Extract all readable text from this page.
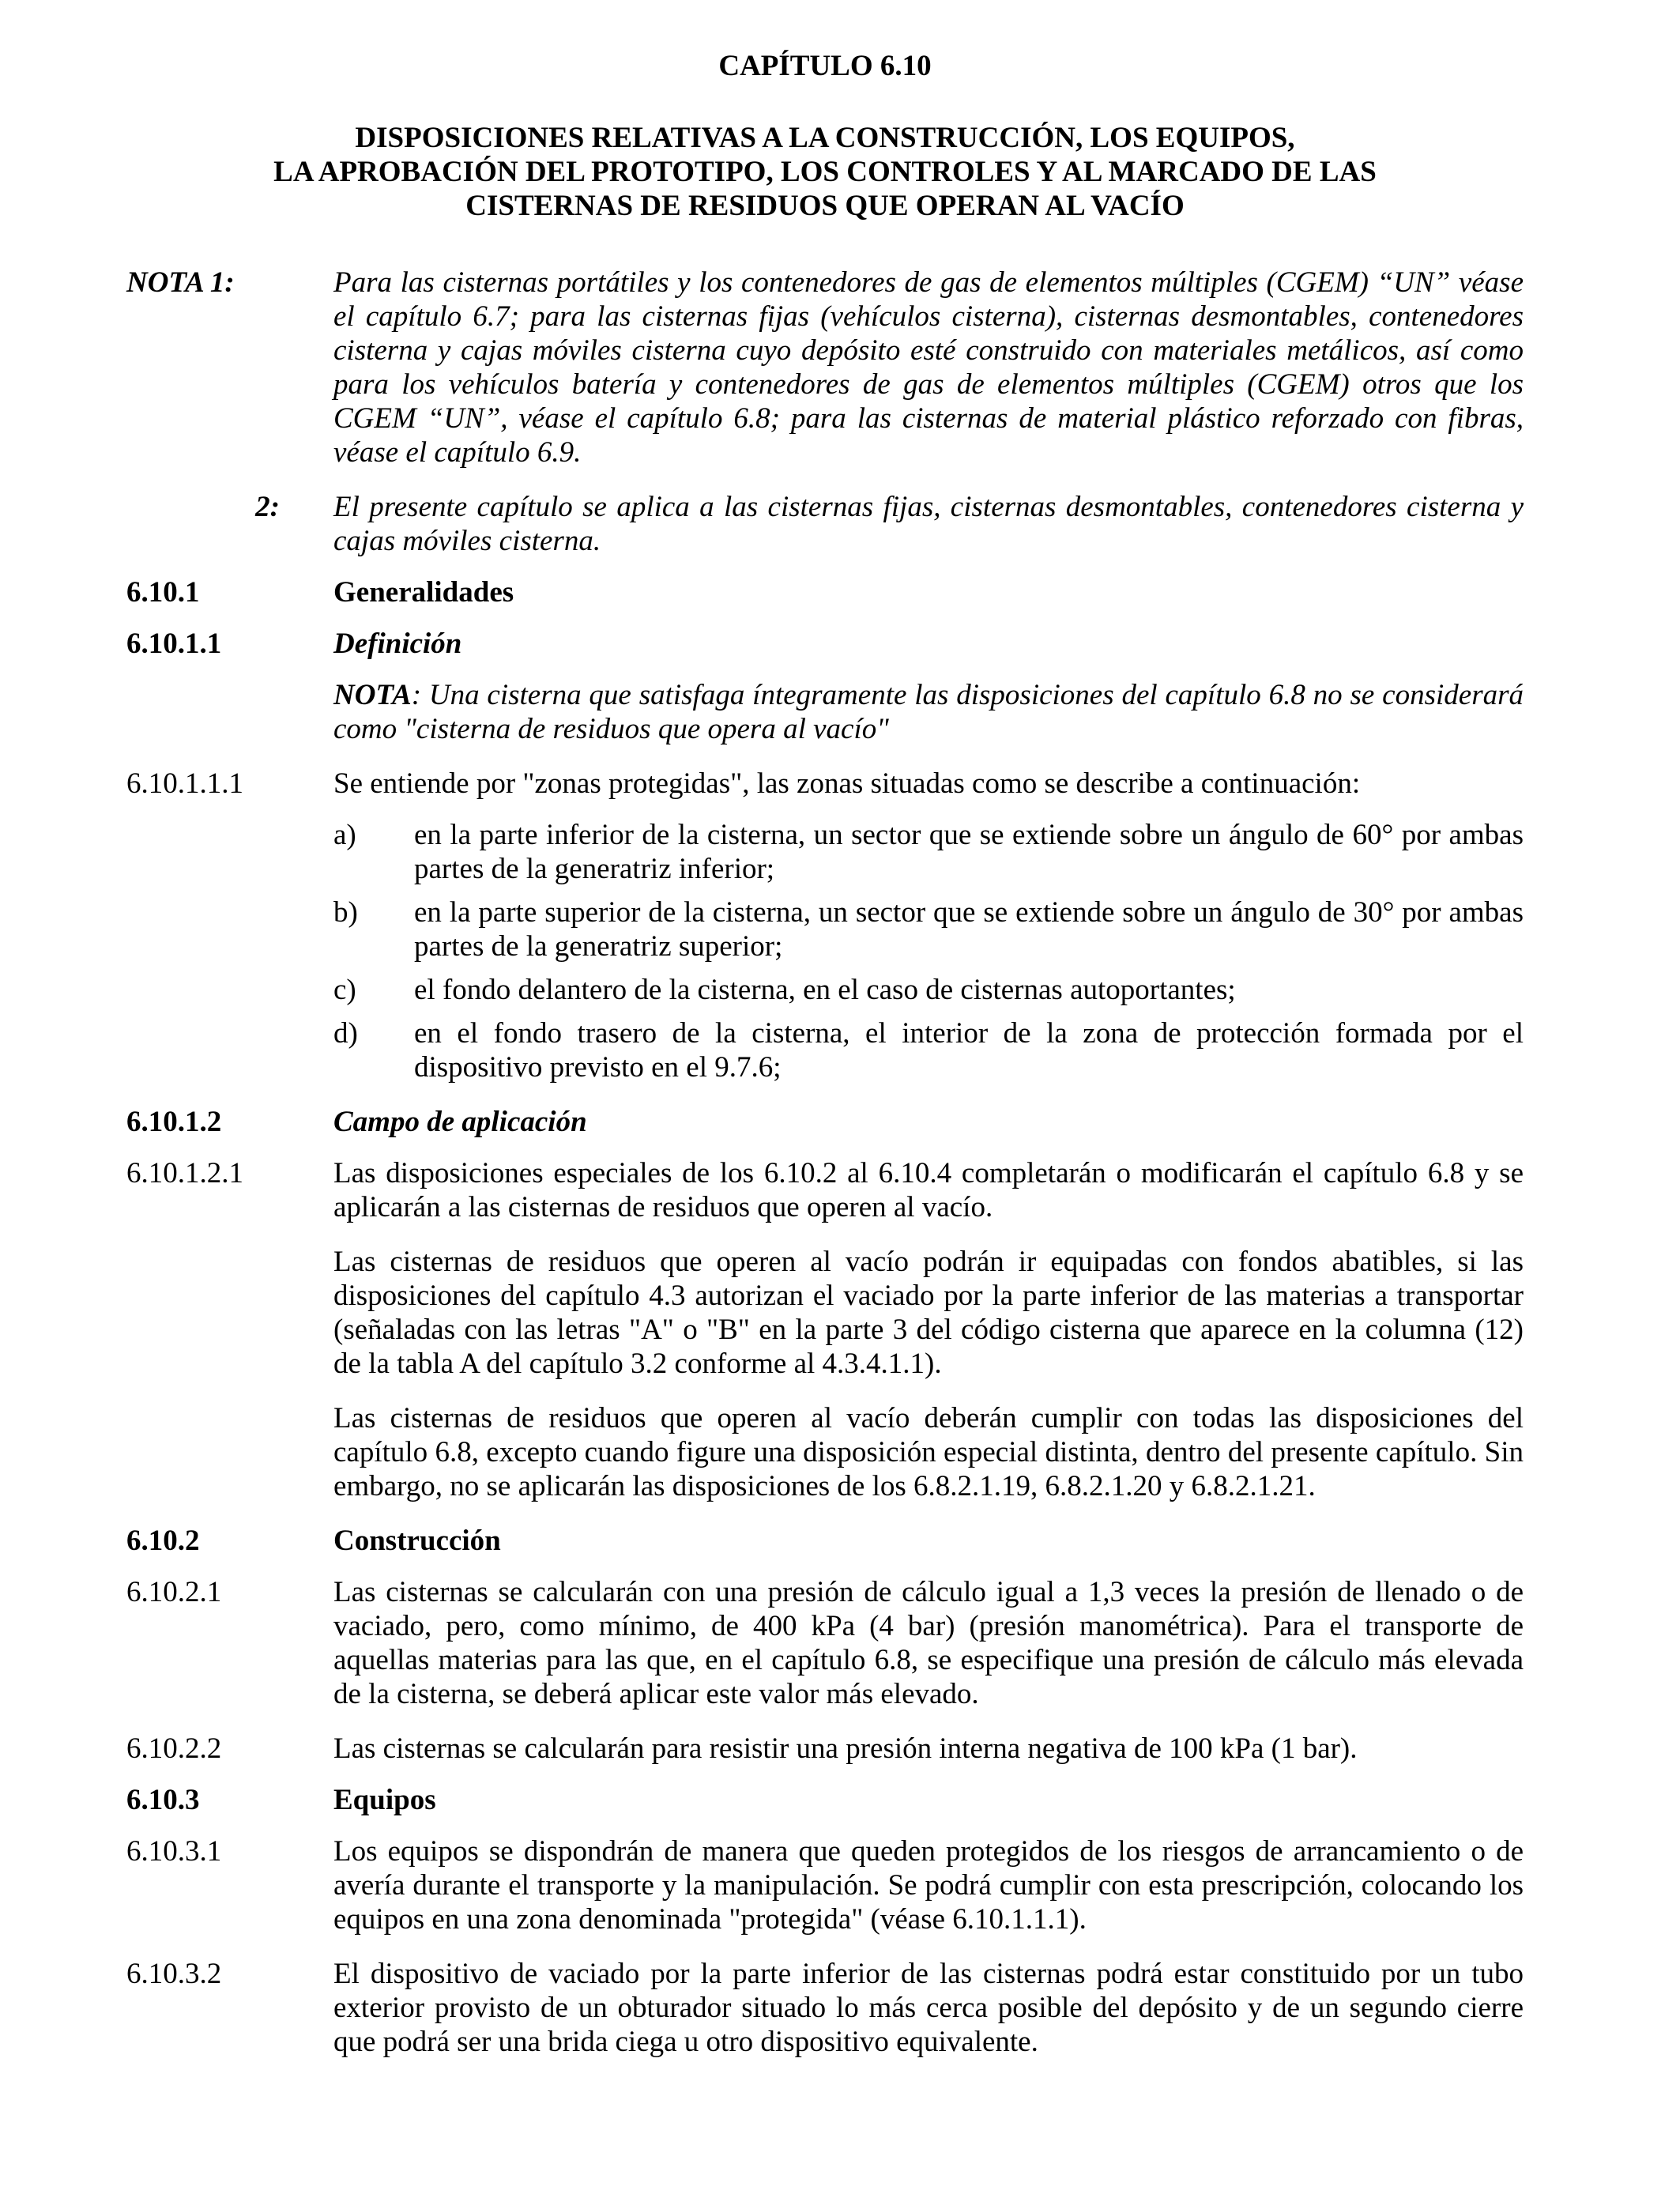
CAPÍTULO 6.10
DISPOSICIONES RELATIVAS A LA CONSTRUCCIÓN, LOS EQUIPOS,
LA APROBACIÓN DEL PROTOTIPO, LOS CONTROLES Y AL MARCADO DE LAS
CISTERNAS DE RESIDUOS QUE OPERAN AL VACÍO
NOTA 1:	Para las cisternas portátiles y los contenedores de gas de elementos múltiples (CGEM) “UN” véase el capítulo 6.7; para las cisternas fijas (vehículos cisterna), cisternas desmontables, contenedores cisterna y cajas móviles cisterna cuyo depósito esté construido con materiales metálicos, así como para los vehículos batería y contenedores de gas de elementos múltiples (CGEM) otros que los CGEM “UN”, véase el capítulo 6.8; para las cisternas de material plástico reforzado con fibras, véase el capítulo 6.9.
2:	El presente capítulo se aplica a las cisternas fijas, cisternas desmontables, contenedores cisterna y cajas móviles cisterna.
6.10.1	Generalidades
6.10.1.1	Definición
NOTA: Una cisterna que satisfaga íntegramente las disposiciones del capítulo 6.8 no se considerará como "cisterna de residuos que opera al vacío"
6.10.1.1.1	Se entiende por "zonas protegidas", las zonas situadas como se describe a continuación:
a)	en la parte inferior de la cisterna, un sector que se extiende sobre un ángulo de 60° por ambas partes de la generatriz inferior;
b)	en la parte superior de la cisterna, un sector que se extiende sobre un ángulo de 30° por ambas partes de la generatriz superior;
c)	el fondo delantero de la cisterna, en el caso de cisternas autoportantes;
d)	en el fondo trasero de la cisterna, el interior de la zona de protección formada por el dispositivo previsto en el 9.7.6;
6.10.1.2	Campo de aplicación
6.10.1.2.1	Las disposiciones especiales de los 6.10.2 al 6.10.4 completarán o modificarán el capítulo 6.8 y se aplicarán a las cisternas de residuos que operen al vacío.
Las cisternas de residuos que operen al vacío podrán ir equipadas con fondos abatibles, si las disposiciones del capítulo 4.3 autorizan el vaciado por la parte inferior de las materias a transportar (señaladas con las letras "A" o "B" en la parte 3 del código cisterna que aparece en la columna (12) de la tabla A del capítulo 3.2 conforme al 4.3.4.1.1).
Las cisternas de residuos que operen al vacío deberán cumplir con todas las disposiciones del capítulo 6.8, excepto cuando figure una disposición especial distinta, dentro del presente capítulo. Sin embargo, no se aplicarán las disposiciones de los 6.8.2.1.19, 6.8.2.1.20 y 6.8.2.1.21.
6.10.2	Construcción
6.10.2.1	Las cisternas se calcularán con una presión de cálculo igual a 1,3 veces la presión de llenado o de vaciado, pero, como mínimo, de 400 kPa (4 bar) (presión manométrica). Para el transporte de aquellas materias para las que, en el capítulo 6.8, se especifique una presión de cálculo más elevada de la cisterna, se deberá aplicar este valor más elevado.
6.10.2.2	Las cisternas se calcularán para resistir una presión interna negativa de 100 kPa (1 bar).
6.10.3	Equipos
6.10.3.1	Los equipos se dispondrán de manera que queden protegidos de los riesgos de arrancamiento o de avería durante el transporte y la manipulación. Se podrá cumplir con esta prescripción, colocando los equipos en una zona denominada "protegida" (véase 6.10.1.1.1).
6.10.3.2	El dispositivo de vaciado por la parte inferior de las cisternas podrá estar constituido por un tubo exterior provisto de un obturador situado lo más cerca posible del depósito y de un segundo cierre que podrá ser una brida ciega u otro dispositivo equivalente.
